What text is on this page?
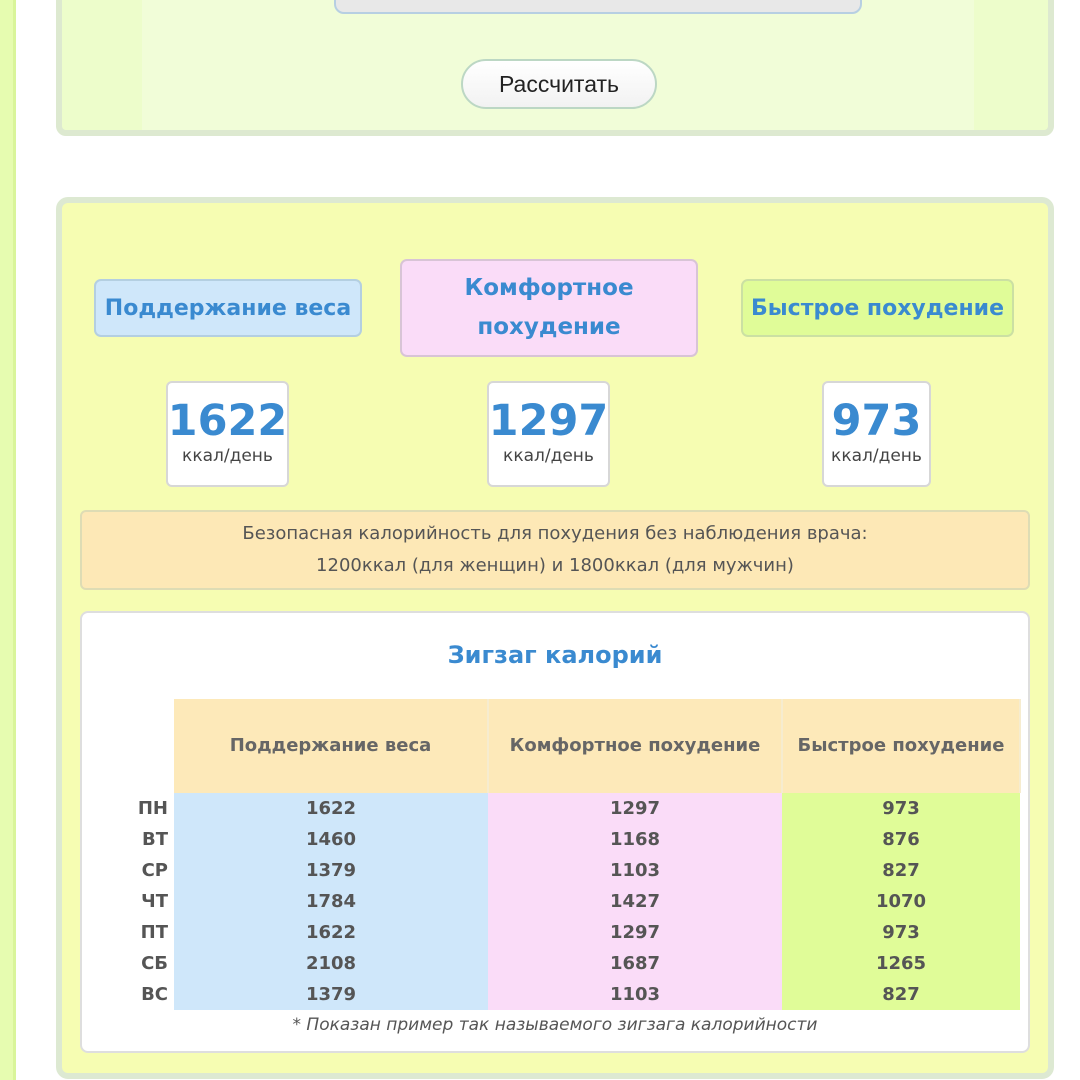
Рассчитать
Поддержание веса
Комфортное похудение
Быстрое похудение
1622
ккал/день
1297
ккал/день
973
ккал/день
Безопасная калорийность для похудения без наблюдения врача:
1200ккал (для женщин) и 1800ккал (для мужчин)
Зигзаг калорий
	Поддержание веса	Комфортное похудение	Быстрое похудение
ПН	1622	1297	973
ВТ	1460	1168	876
СР	1379	1103	827
ЧТ	1784	1427	1070
ПТ	1622	1297	973
СБ	2108	1687	1265
ВС	1379	1103	827
* Показан пример так называемого зигзага калорийности
